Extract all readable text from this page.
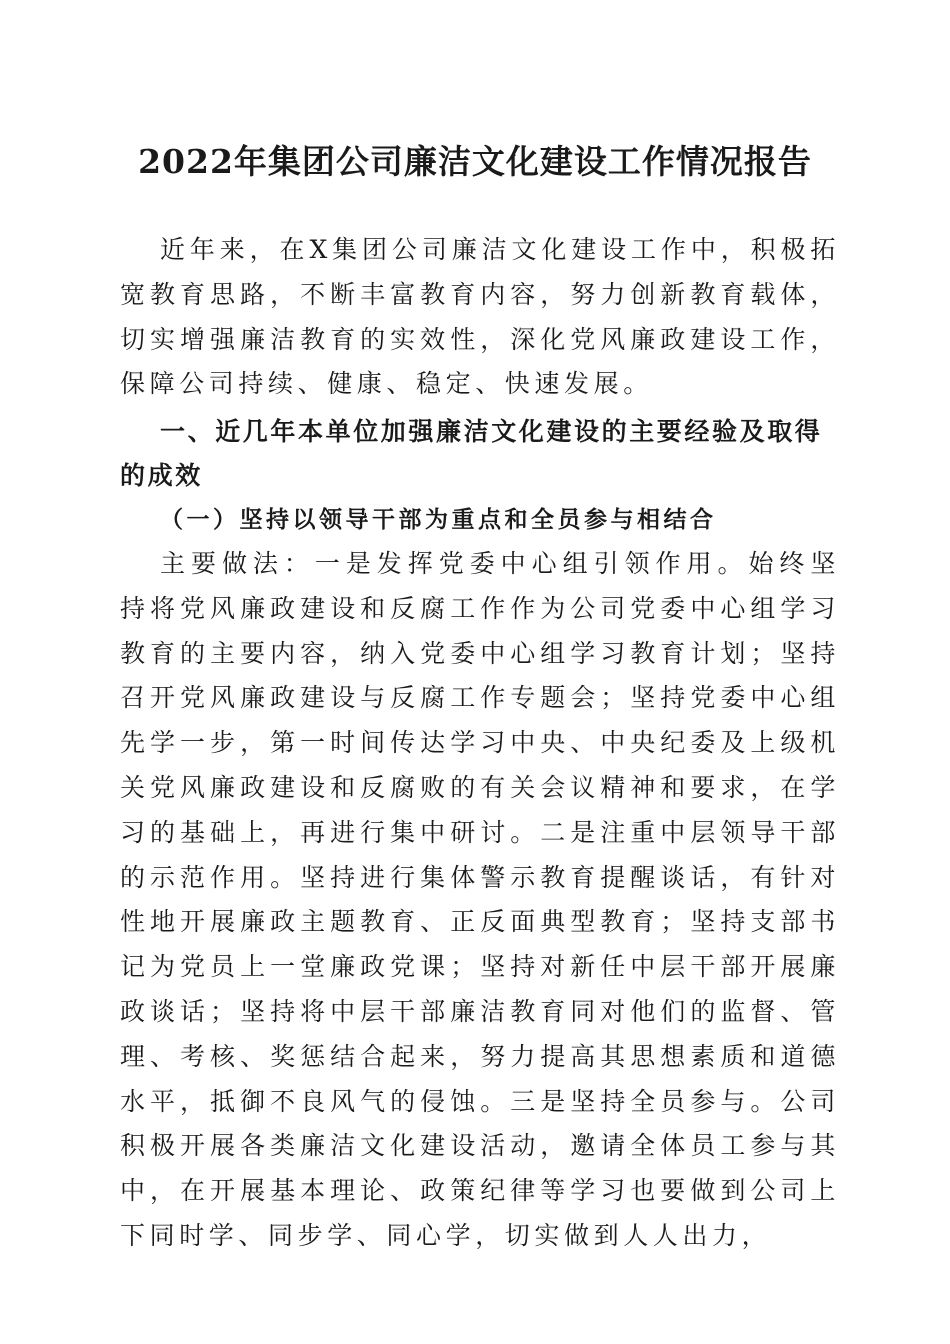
2022年集团公司廉洁文化建设工作情况报告

近年来，在X集团公司廉洁文化建设工作中，积极拓宽教育思路，不断丰富教育内容，努力创新教育载体，切实增强廉洁教育的实效性，深化党风廉政建设工作，保障公司持续、健康、稳定、快速发展。

一、近几年本单位加强廉洁文化建设的主要经验及取得的成效
（一）坚持以领导干部为重点和全员参与相结合

主要做法：一是发挥党委中心组引领作用。始终坚持将党风廉政建设和反腐工作作为公司党委中心组学习教育的主要内容，纳入党委中心组学习教育计划；坚持召开党风廉政建设与反腐工作专题会；坚持党委中心组先学一步，第一时间传达学习中央、中央纪委及上级机关党风廉政建设和反腐败的有关会议精神和要求，在学习的基础上，再进行集中研讨。二是注重中层领导干部的示范作用。坚持进行集体警示教育提醒谈话，有针对性地开展廉政主题教育、正反面典型教育；坚持支部书记为党员上一堂廉政党课；坚持对新任中层干部开展廉政谈话；坚持将中层干部廉洁教育同对他们的监督、管理、考核、奖惩结合起来，努力提高其思想素质和道德水平，抵御不良风气的侵蚀。三是坚持全员参与。公司积极开展各类廉洁文化建设活动，邀请全体员工参与其中，在开展基本理论、政策纪律等学习也要做到公司上下同时学、同步学、同心学，切实做到人人出力，
